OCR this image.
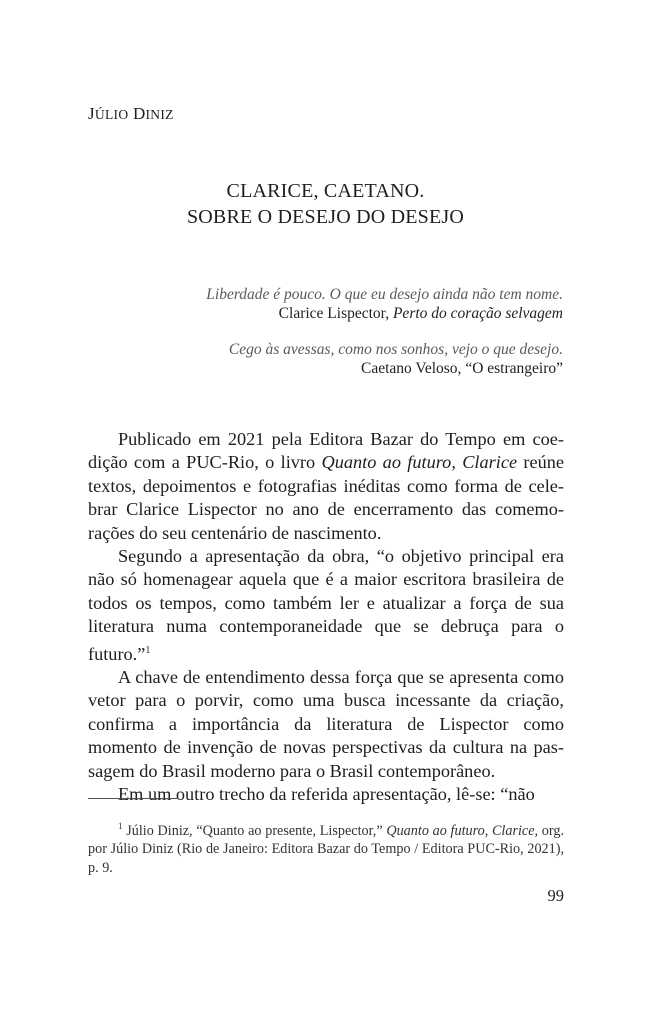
JÚLIO DINIZ
CLARICE, CAETANO.
SOBRE O DESEJO DO DESEJO
Liberdade é pouco. O que eu desejo ainda não tem nome.
Clarice Lispector, Perto do coração selvagem
Cego às avessas, como nos sonhos, vejo o que desejo.
Caetano Veloso, “O estrangeiro”

Publicado em 2021 pela Editora Bazar do Tempo em coedição com a PUC-Rio, o livro Quanto ao futuro, Clarice reúne textos, depoimentos e fotografias inéditas como forma de celebrar Clarice Lispector no ano de encerramento das comemorações do seu centenário de nascimento.

Segundo a apresentação da obra, “o objetivo principal era não só homenagear aquela que é a maior escritora brasileira de todos os tempos, como também ler e atualizar a força de sua literatura numa contemporaneidade que se debruça para o futuro.”$^1$

A chave de entendimento dessa força que se apresenta como vetor para o porvir, como uma busca incessante da criação, confirma a importância da literatura de Lispector como momento de invenção de novas perspectivas da cultura na passagem do Brasil moderno para o Brasil contemporâneo.

Em um outro trecho da referida apresentação, lê-se: “não

$^1$ Júlio Diniz, “Quanto ao presente, Lispector,” Quanto ao futuro, Clarice, org. por Júlio Diniz (Rio de Janeiro: Editora Bazar do Tempo / Editora PUC-Rio, 2021), p. 9.
99
